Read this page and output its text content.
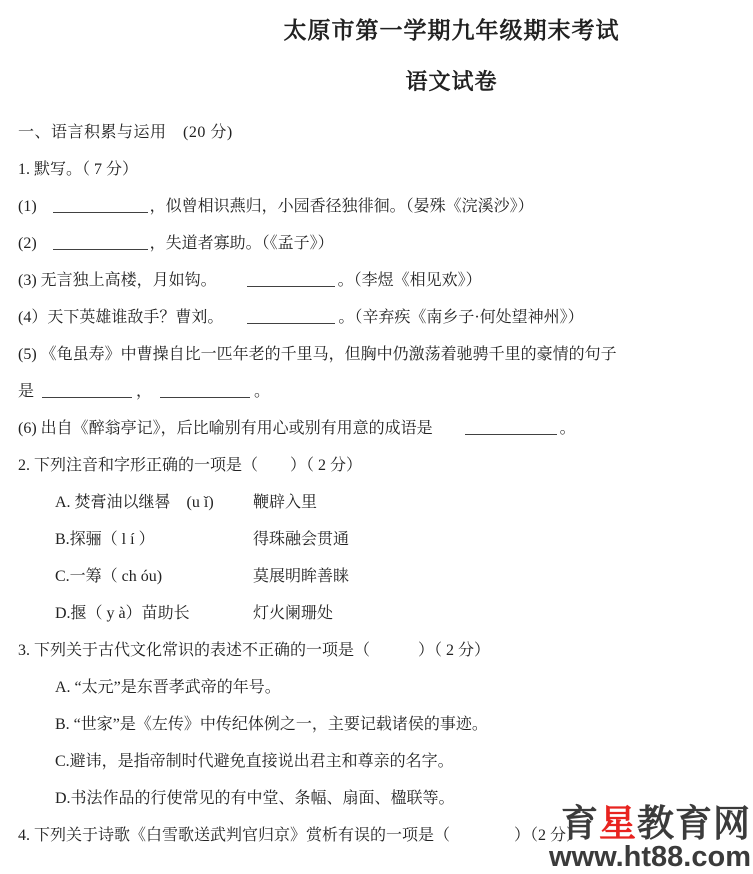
太原市第一学期九年级期末考试
语文试卷
一、语言积累与运用　(20 分)
1. 默写。（ 7 分）
(1)	，似曾相识燕归，小园香径独徘徊。（晏殊《浣溪沙》）
(2)	，失道者寡助。（《孟子》）
(3) 无言独上高楼，月如钩。	。（李煜《相见欢》）
(4）天下英雄谁敌手？曹刘。	。（辛弃疾《南乡子·何处望神州》）
(5) 《龟虽寿》中曹操自比一匹年老的千里马，但胸中仍激荡着驰骋千里的豪情的句子
是	，	。
(6) 出自《醉翁亭记》，后比喻别有用心或别有用意的成语是	。
2. 下列注音和字形正确的一项是（　　）（ 2 分）
A. 焚膏油以继晷　(u ǐ)	鞭辟入里
B.探骊（ l í ）	得珠融会贯通
C.一筹（ ch óu)	莫展明眸善睐
D.揠（ y à）苗助长	灯火阑珊处
3. 下列关于古代文化常识的表述不正确的一项是（　　　）（ 2 分）
A. “太元”是东晋孝武帝的年号。
B. “世家”是《左传》中传纪体例之一，主要记载诸侯的事迹。
C.避讳，是指帝制时代避免直接说出君主和尊亲的名字。
D.书法作品的行使常见的有中堂、条幅、扇面、楹联等。
4. 下列关于诗歌《白雪歌送武判官归京》赏析有误的一项是（　　　　）（2 分）
育星教育网
www.ht88.com
